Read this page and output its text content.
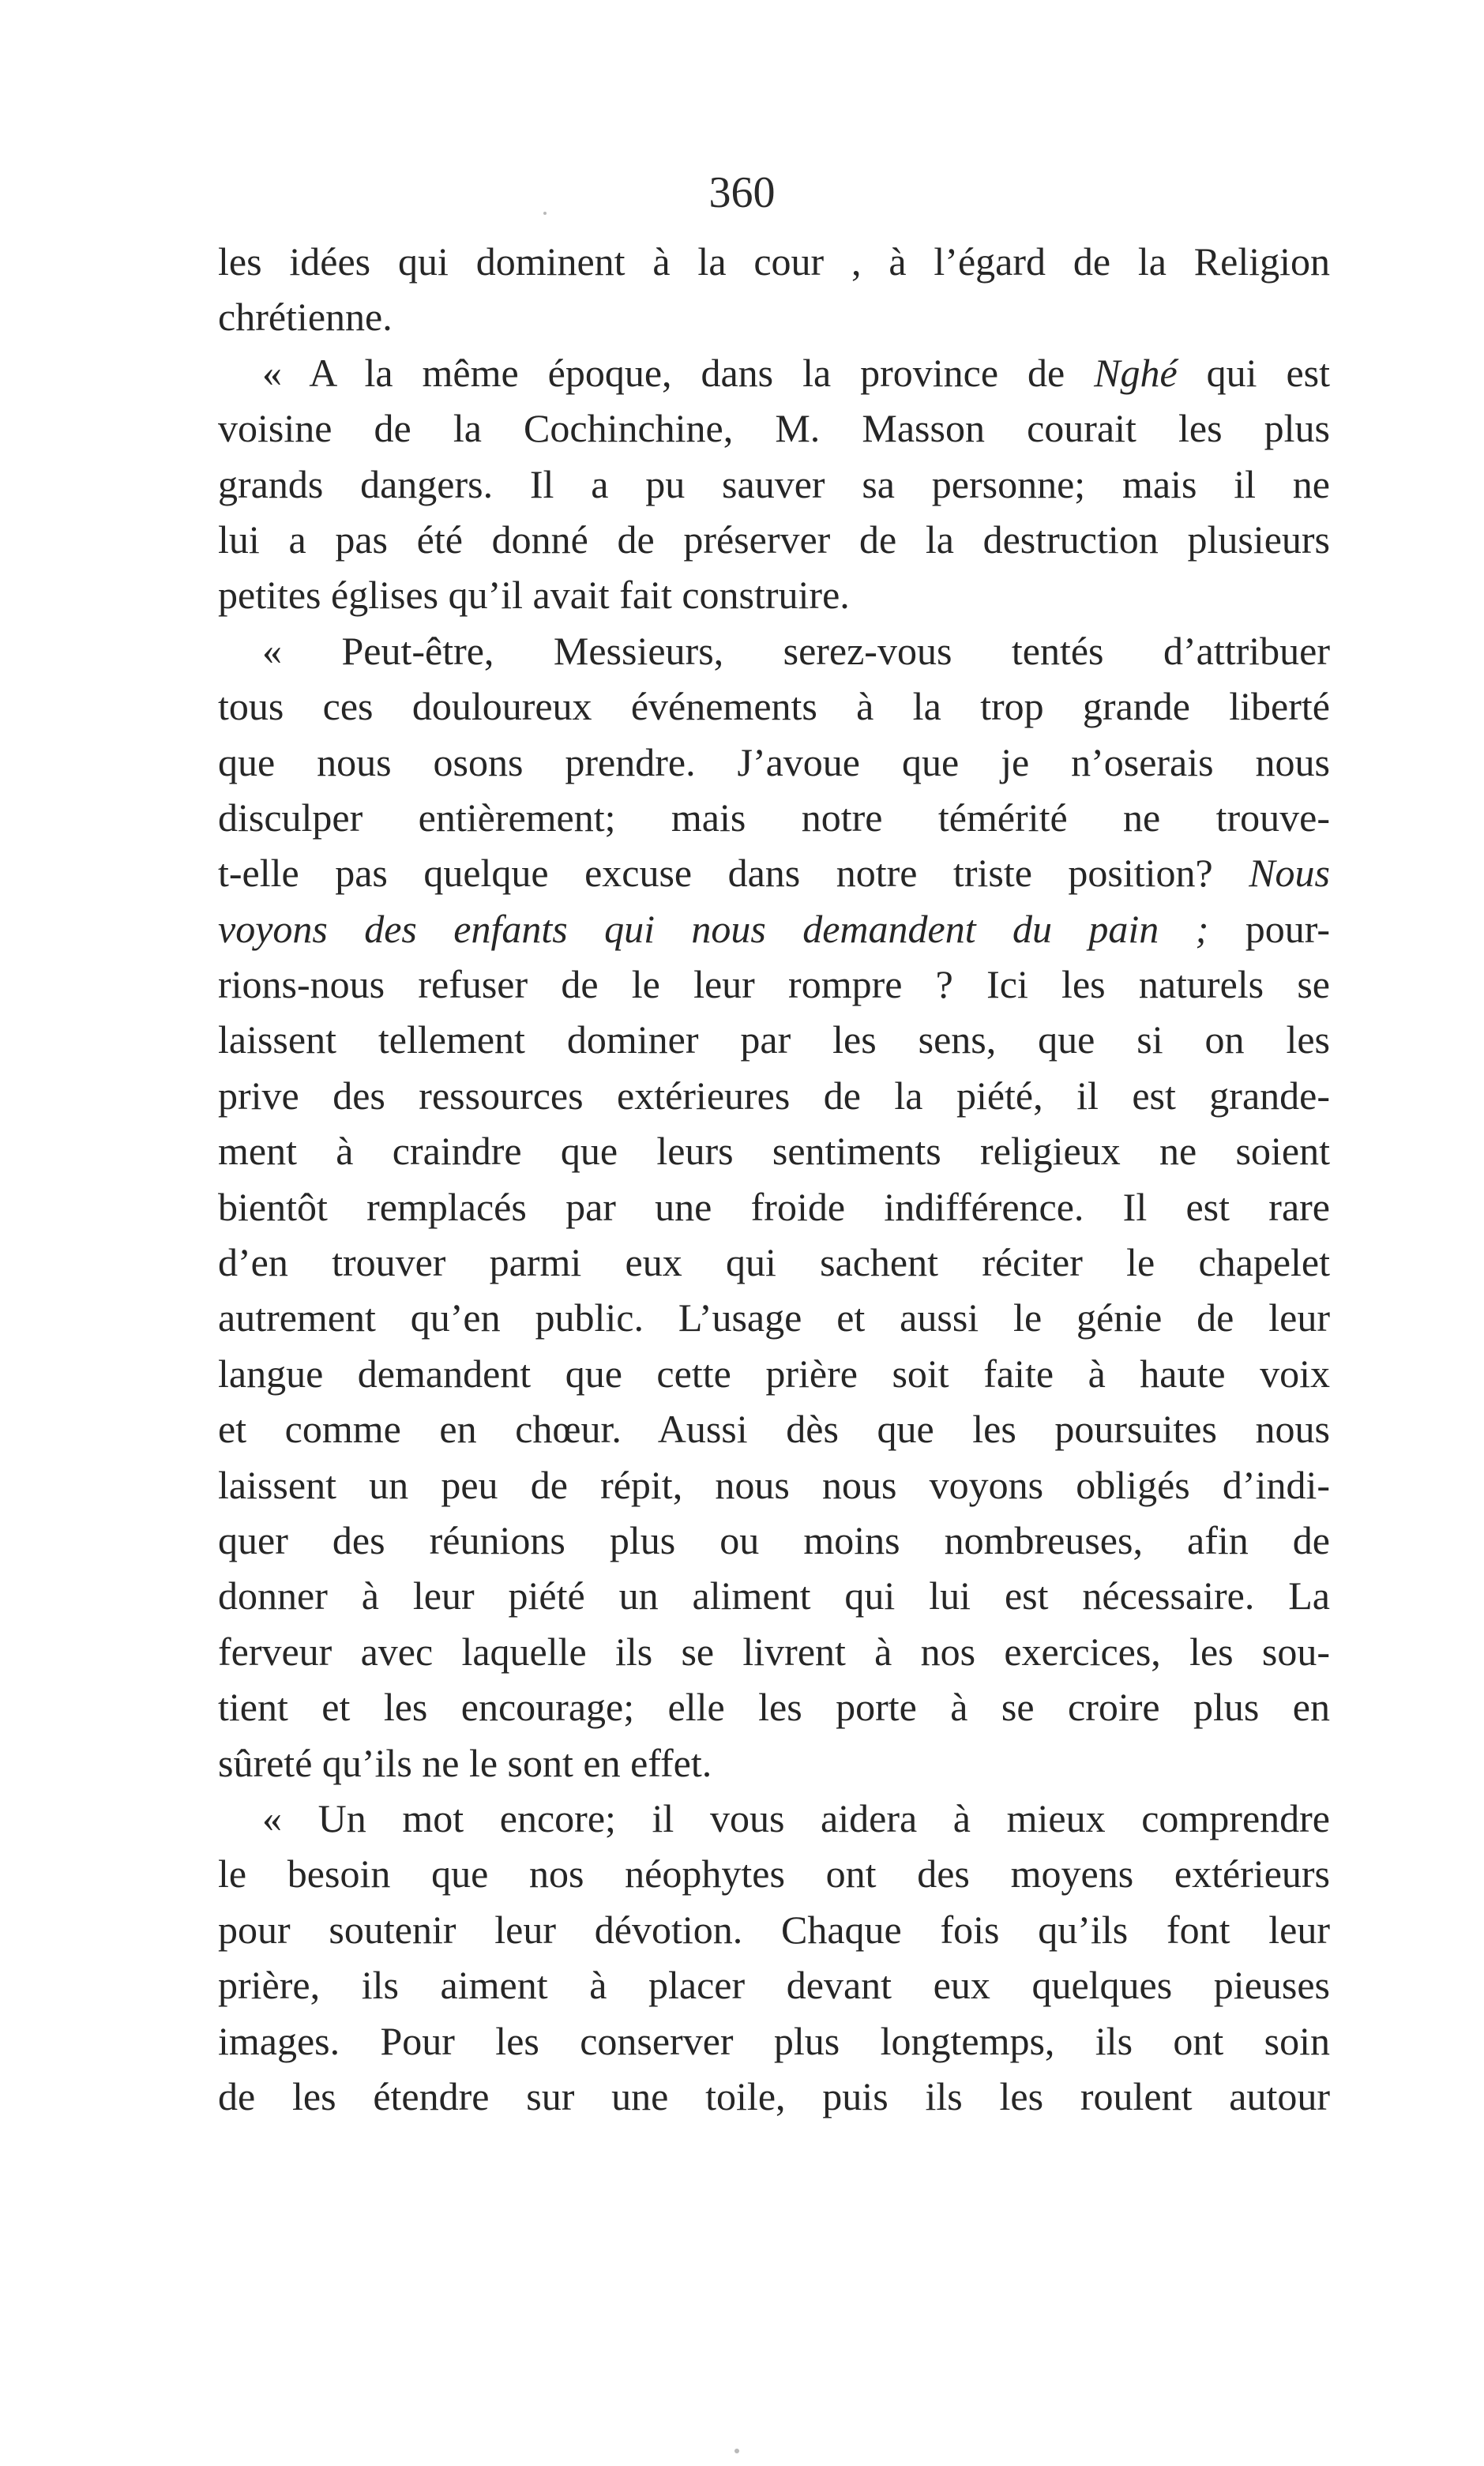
360
les idées qui dominent à la cour , à l’égard de la Religion
chrétienne.
« A la même époque, dans la province de Nghé qui est
voisine de la Cochinchine, M. Masson courait les plus
grands dangers. Il a pu sauver sa personne; mais il ne
lui a pas été donné de préserver de la destruction plusieurs
petites églises qu’il avait fait construire.
« Peut-être, Messieurs, serez-vous tentés d’attribuer
tous ces douloureux événements à la trop grande liberté
que nous osons prendre. J’avoue que je n’oserais nous
disculper entièrement; mais notre témérité ne trouve-
t-elle pas quelque excuse dans notre triste position? Nous
voyons des enfants qui nous demandent du pain ; pour-
rions-nous refuser de le leur rompre ? Ici les naturels se
laissent tellement dominer par les sens, que si on les
prive des ressources extérieures de la piété, il est grande-
ment à craindre que leurs sentiments religieux ne soient
bientôt remplacés par une froide indifférence. Il est rare
d’en trouver parmi eux qui sachent réciter le chapelet
autrement qu’en public. L’usage et aussi le génie de leur
langue demandent que cette prière soit faite à haute voix
et comme en chœur. Aussi dès que les poursuites nous
laissent un peu de répit, nous nous voyons obligés d’indi-
quer des réunions plus ou moins nombreuses, afin de
donner à leur piété un aliment qui lui est nécessaire. La
ferveur avec laquelle ils se livrent à nos exercices, les sou-
tient et les encourage; elle les porte à se croire plus en
sûreté qu’ils ne le sont en effet.
« Un mot encore; il vous aidera à mieux comprendre
le besoin que nos néophytes ont des moyens extérieurs
pour soutenir leur dévotion. Chaque fois qu’ils font leur
prière, ils aiment à placer devant eux quelques pieuses
images. Pour les conserver plus longtemps, ils ont soin
de les étendre sur une toile, puis ils les roulent autour
